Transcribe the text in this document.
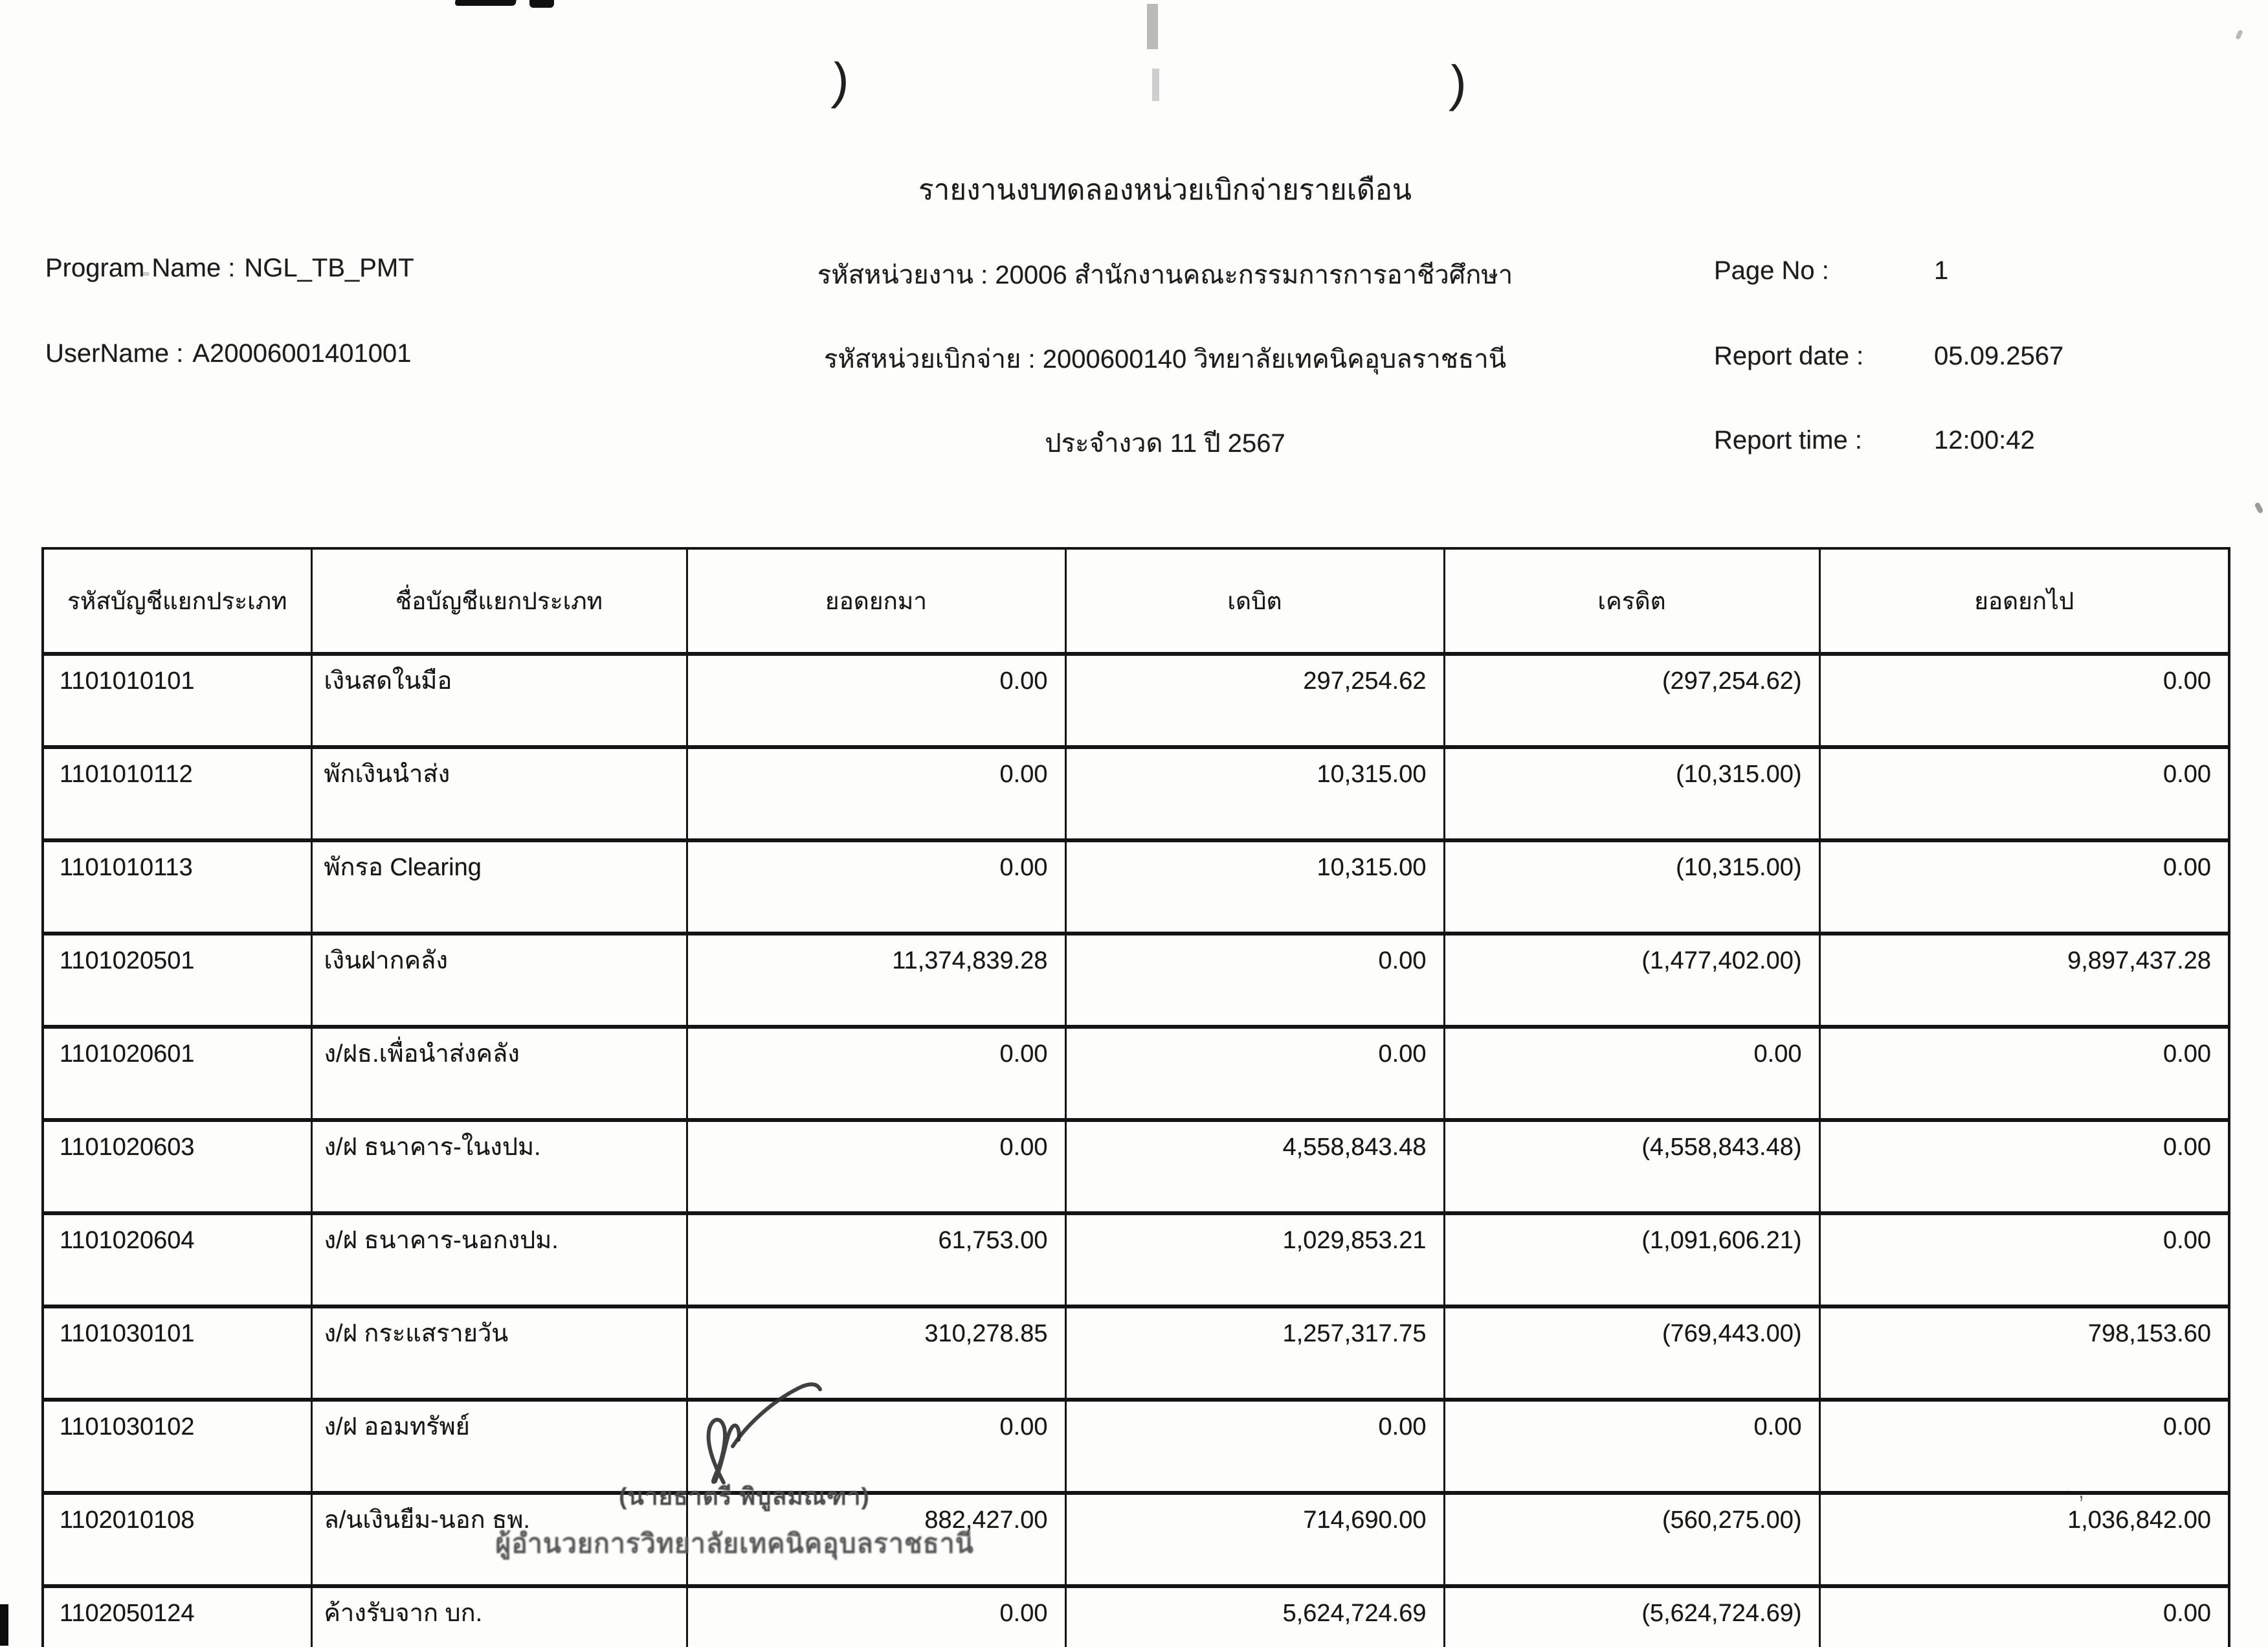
)	)
· ,
รายงานงบทดลองหน่วยเบิกจ่ายรายเดือน
Program Name : NGL_TB_PMT
UserName : A20006001401001
รหัสหน่วยงาน : 20006 สำนักงานคณะกรรมการการอาชีวศึกษา
รหัสหน่วยเบิกจ่าย : 2000600140 วิทยาลัยเทคนิคอุบลราชธานี
ประจำงวด 11 ปี 2567
Page No :	1
Report date :	05.09.2567
Report time :	12:00:42
รหัสบัญชีแยกประเภท	ชื่อบัญชีแยกประเภท	ยอดยกมา	เดบิต	เครดิต	ยอดยกไป
1101010101	เงินสดในมือ	0.00	297,254.62	(297,254.62)	0.00
1101010112	พักเงินนำส่ง	0.00	10,315.00	(10,315.00)	0.00
1101010113	พักรอ Clearing	0.00	10,315.00	(10,315.00)	0.00
1101020501	เงินฝากคลัง	11,374,839.28	0.00	(1,477,402.00)	9,897,437.28
1101020601	ง/ฝธ.เพื่อนำส่งคลัง	0.00	0.00	0.00	0.00
1101020603	ง/ฝ ธนาคาร-ในงปม.	0.00	4,558,843.48	(4,558,843.48)	0.00
1101020604	ง/ฝ ธนาคาร-นอกงปม.	61,753.00	1,029,853.21	(1,091,606.21)	0.00
1101030101	ง/ฝ กระแสรายวัน	310,278.85	1,257,317.75	(769,443.00)	798,153.60
1101030102	ง/ฝ ออมทรัพย์	0.00	0.00	0.00	0.00
1102010108	ล/นเงินยืม-นอก ธพ.	882,427.00	714,690.00	(560,275.00)	1,036,842.00
1102050124	ค้างรับจาก บก.	0.00	5,624,724.69	(5,624,724.69)	0.00
(นายธาตรี พิบูลมณฑา)
ผู้อำนวยการวิทยาลัยเทคนิคอุบลราชธานี
